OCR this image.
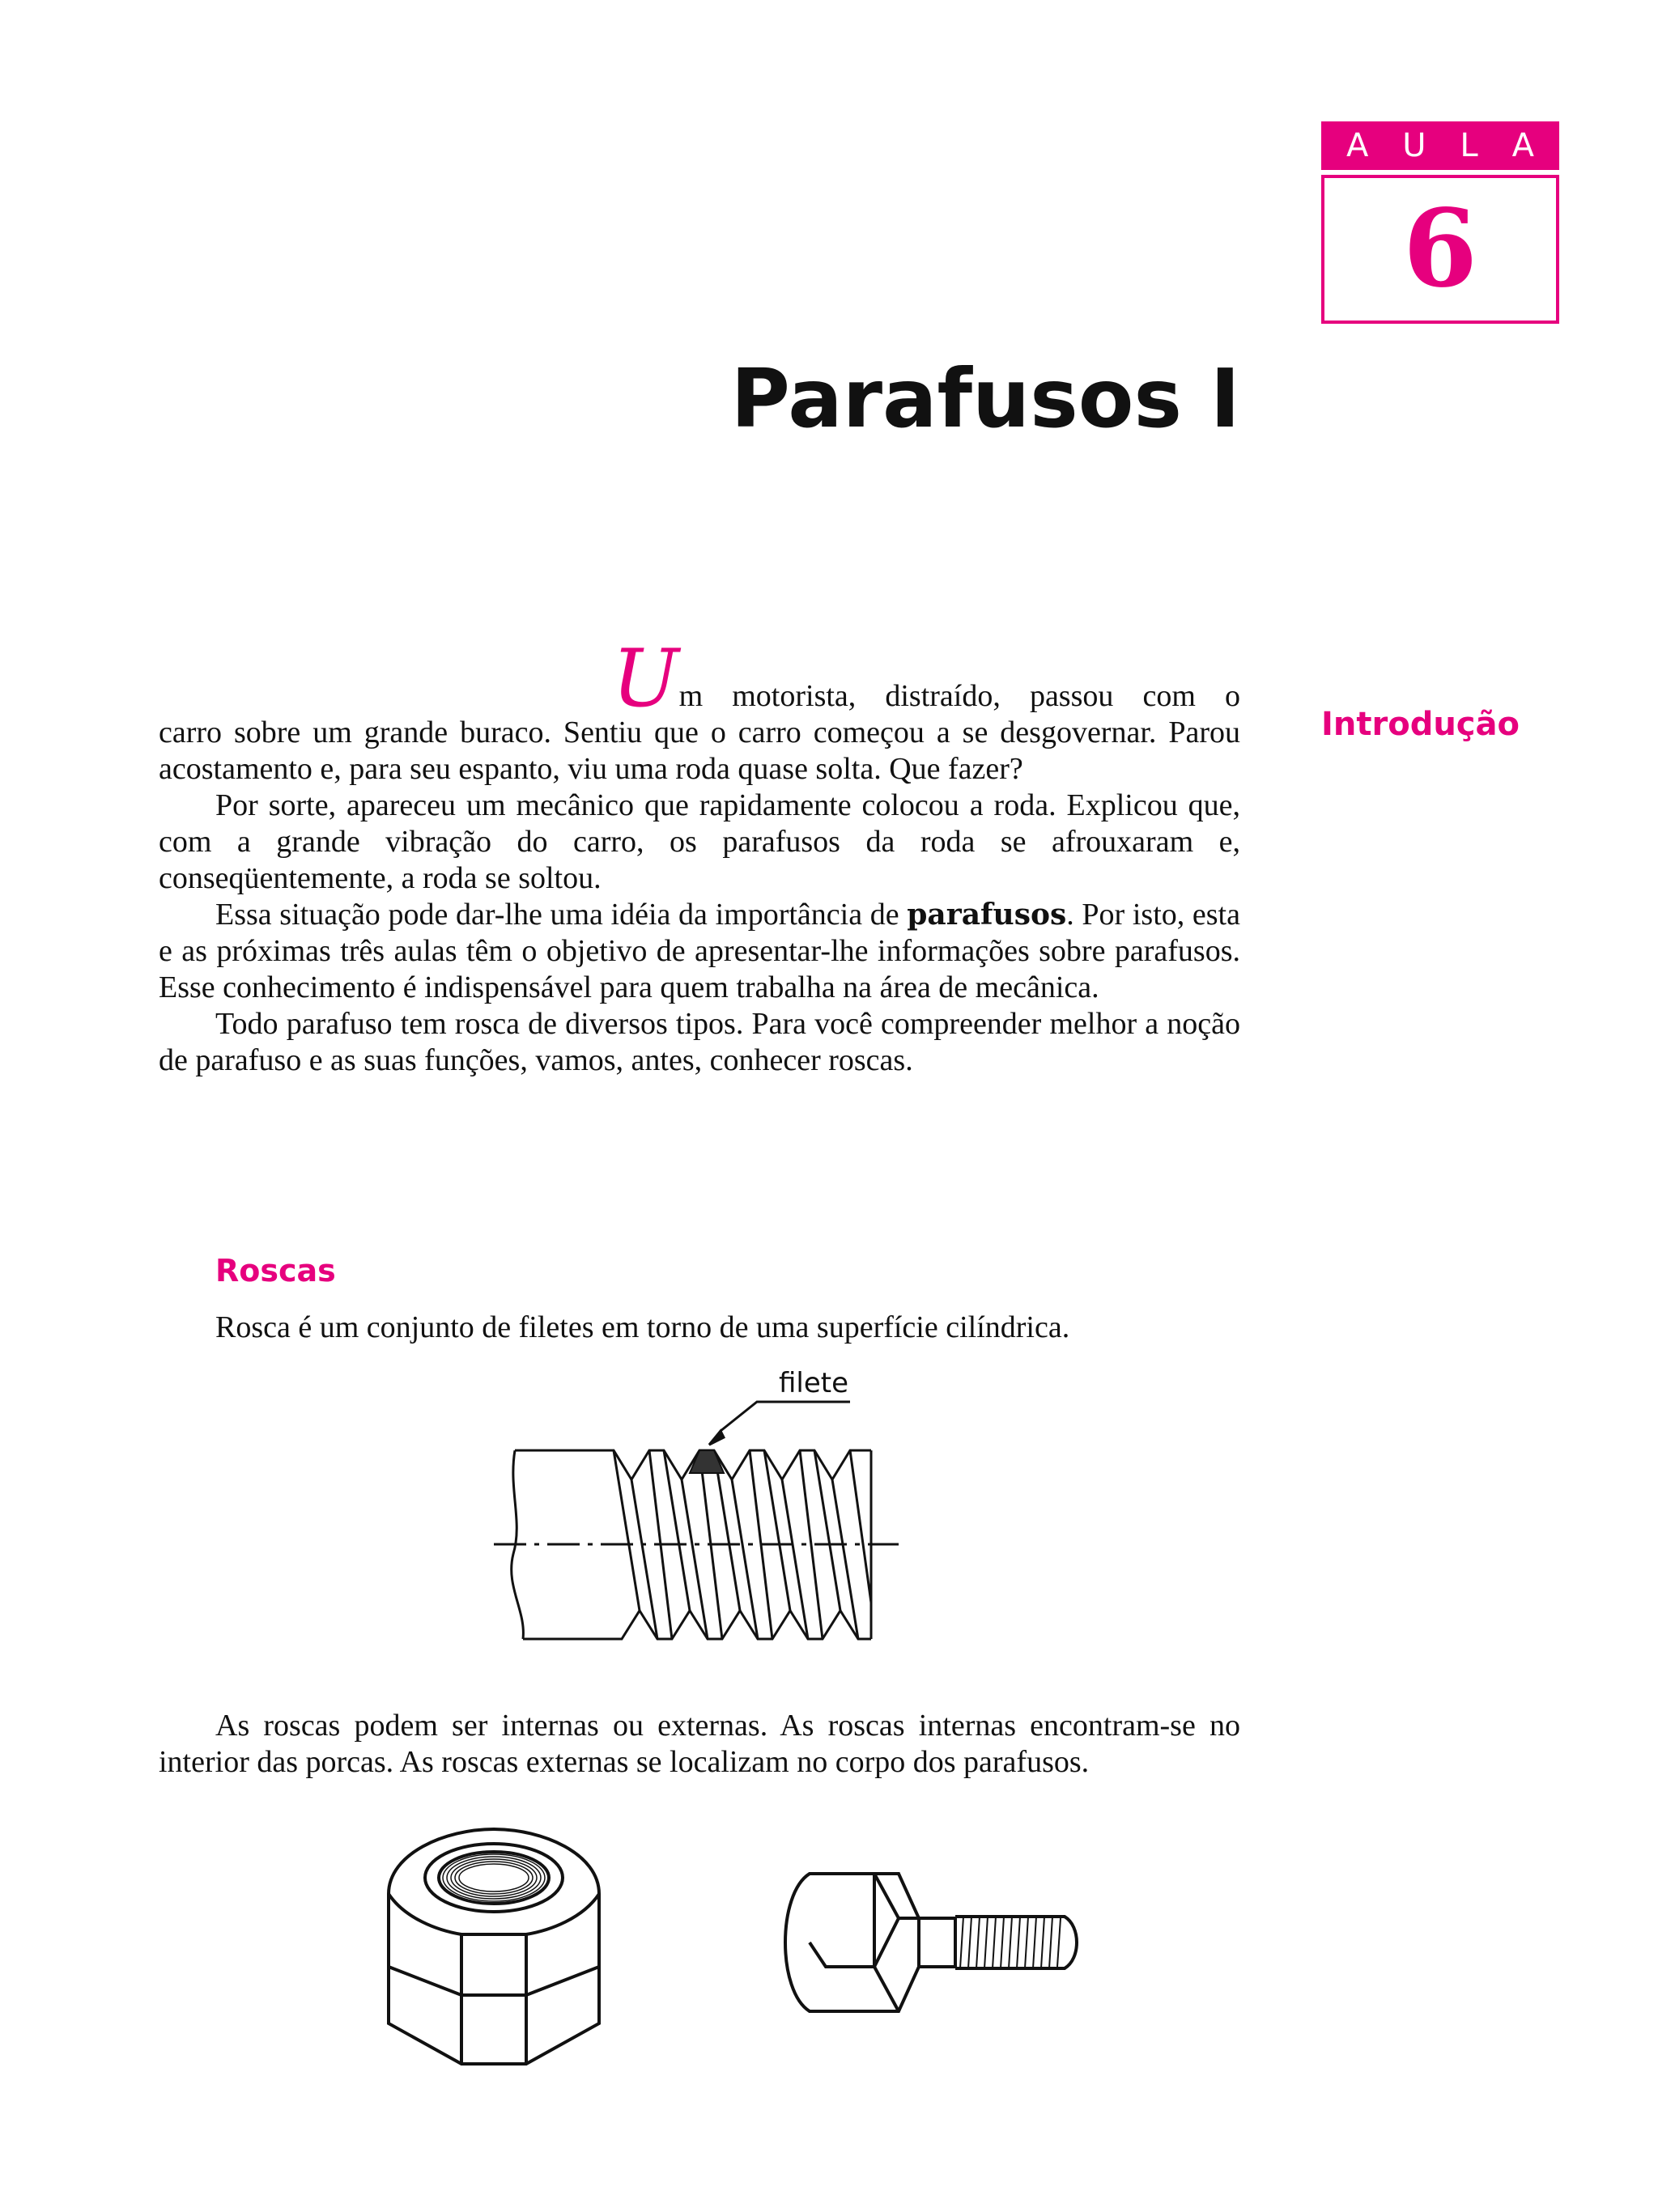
A U L A
6
Parafusos I
Introdução

Um motorista, distraído, passou com o

carro sobre um grande buraco. Sentiu que o carro começou a se desgovernar. Parou acostamento e, para seu espanto, viu uma roda quase solta. Que fazer?

Por sorte, apareceu um mecânico que rapidamente colocou a roda. Explicou que, com a grande vibração do carro, os parafusos da roda se afrouxaram e, conseqüentemente, a roda se soltou.

Essa situação pode dar-lhe uma idéia da importância de parafusos. Por isto, esta e as próximas três aulas têm o objetivo de apresentar-lhe informações sobre parafusos. Esse conhecimento é indispensável para quem trabalha na área de mecânica.

Todo parafuso tem rosca de diversos tipos. Para você compreender melhor a noção de parafuso e as suas funções, vamos, antes, conhecer roscas.

Roscas

Rosca é um conjunto de filetes em torno de uma superfície cilíndrica.

filete

As roscas podem ser internas ou externas. As roscas internas encontram-se no interior das porcas. As roscas externas se localizam no corpo dos parafusos.
